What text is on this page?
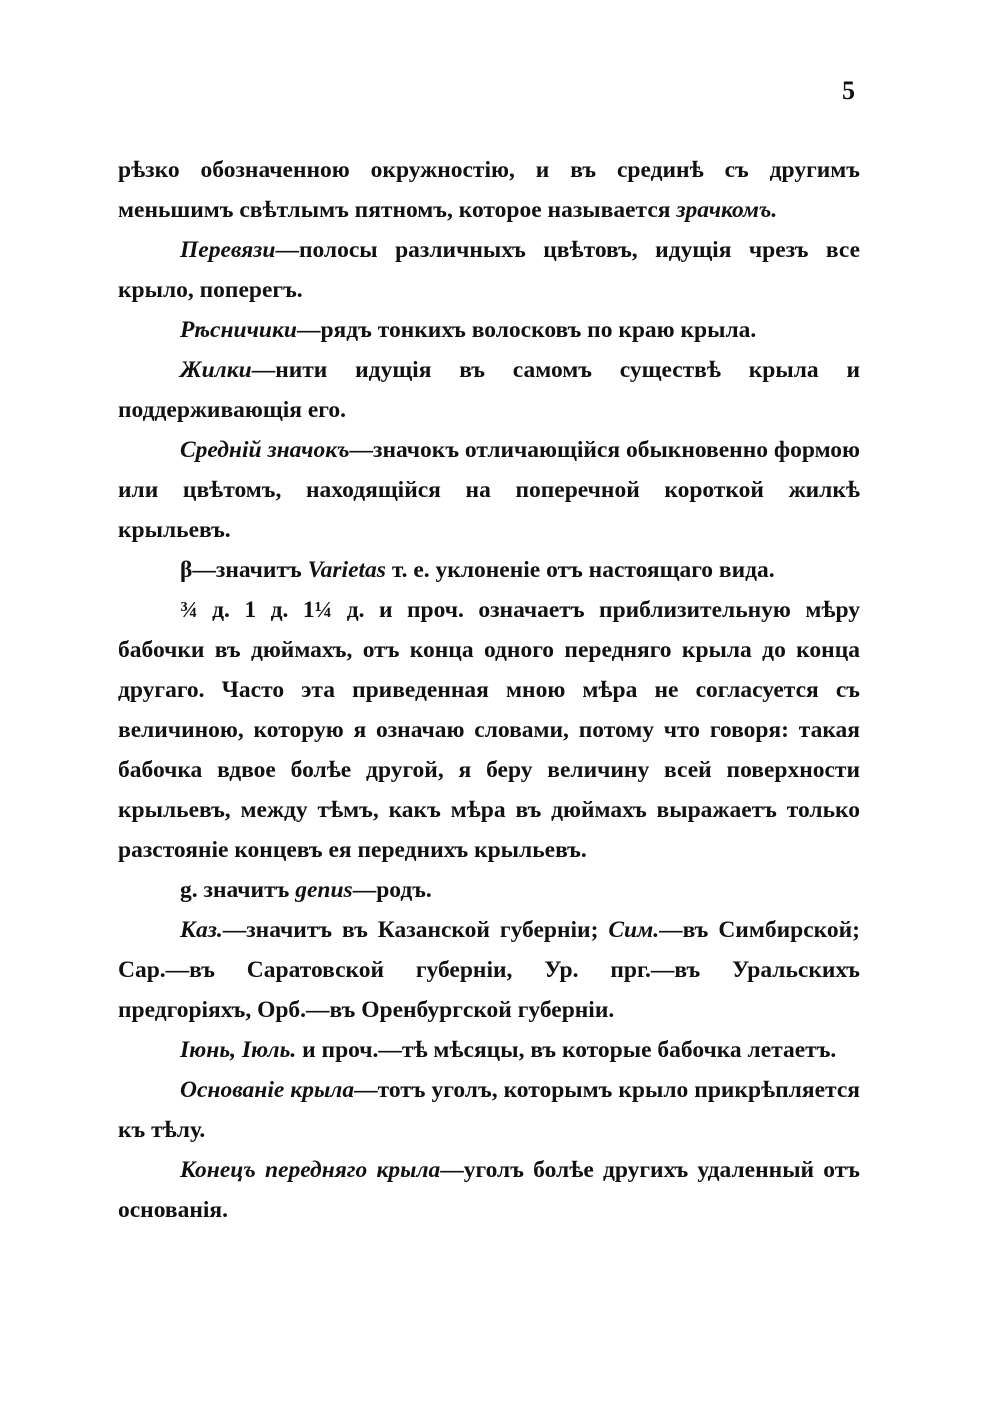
5

рѣзко обозначенною окружностію, и въ срединѣ съ другимъ меньшимъ свѣтлымъ пятномъ, которое называется зрачкомъ.

Перевязи—полосы различныхъ цвѣтовъ, идущія чрезъ все крыло, поперегъ.

Рѣсничики—рядъ тонкихъ волосковъ по краю крыла.

Жилки—нити идущія въ самомъ существѣ крыла и поддерживающія его.

Средній значокъ—значокъ отличающійся обыкновенно формою или цвѣтомъ, находящійся на поперечной короткой жилкѣ крыльевъ.

β—значитъ Varietas т. е. уклоненіе отъ настоящаго вида.

¾ д. 1 д. 1¼ д. и проч. означаетъ приблизительную мѣру бабочки въ дюймахъ, отъ конца одного передняго крыла до конца другаго. Часто эта приведенная мною мѣра не согласуется съ величиною, которую я означаю словами, потому что говоря: такая бабочка вдвое болѣе другой, я беру величину всей поверхности крыльевъ, между тѣмъ, какъ мѣра въ дюймахъ выражаетъ только разстояніе концевъ ея переднихъ крыльевъ.

g. значитъ genus—родъ.

Каз.—значитъ въ Казанской губерніи; Сим.—въ Симбирской; Сар.—въ Саратовской губерніи, Ур. прг.—въ Уральскихъ предгоріяхъ, Орб.—въ Оренбургской губерніи.

Іюнь, Іюль. и проч.—тѣ мѣсяцы, въ которые бабочка летаетъ.

Основаніе крыла—тотъ уголъ, которымъ крыло прикрѣпляется къ тѣлу.

Конецъ передняго крыла—уголъ болѣе другихъ удаленный отъ основанія.
